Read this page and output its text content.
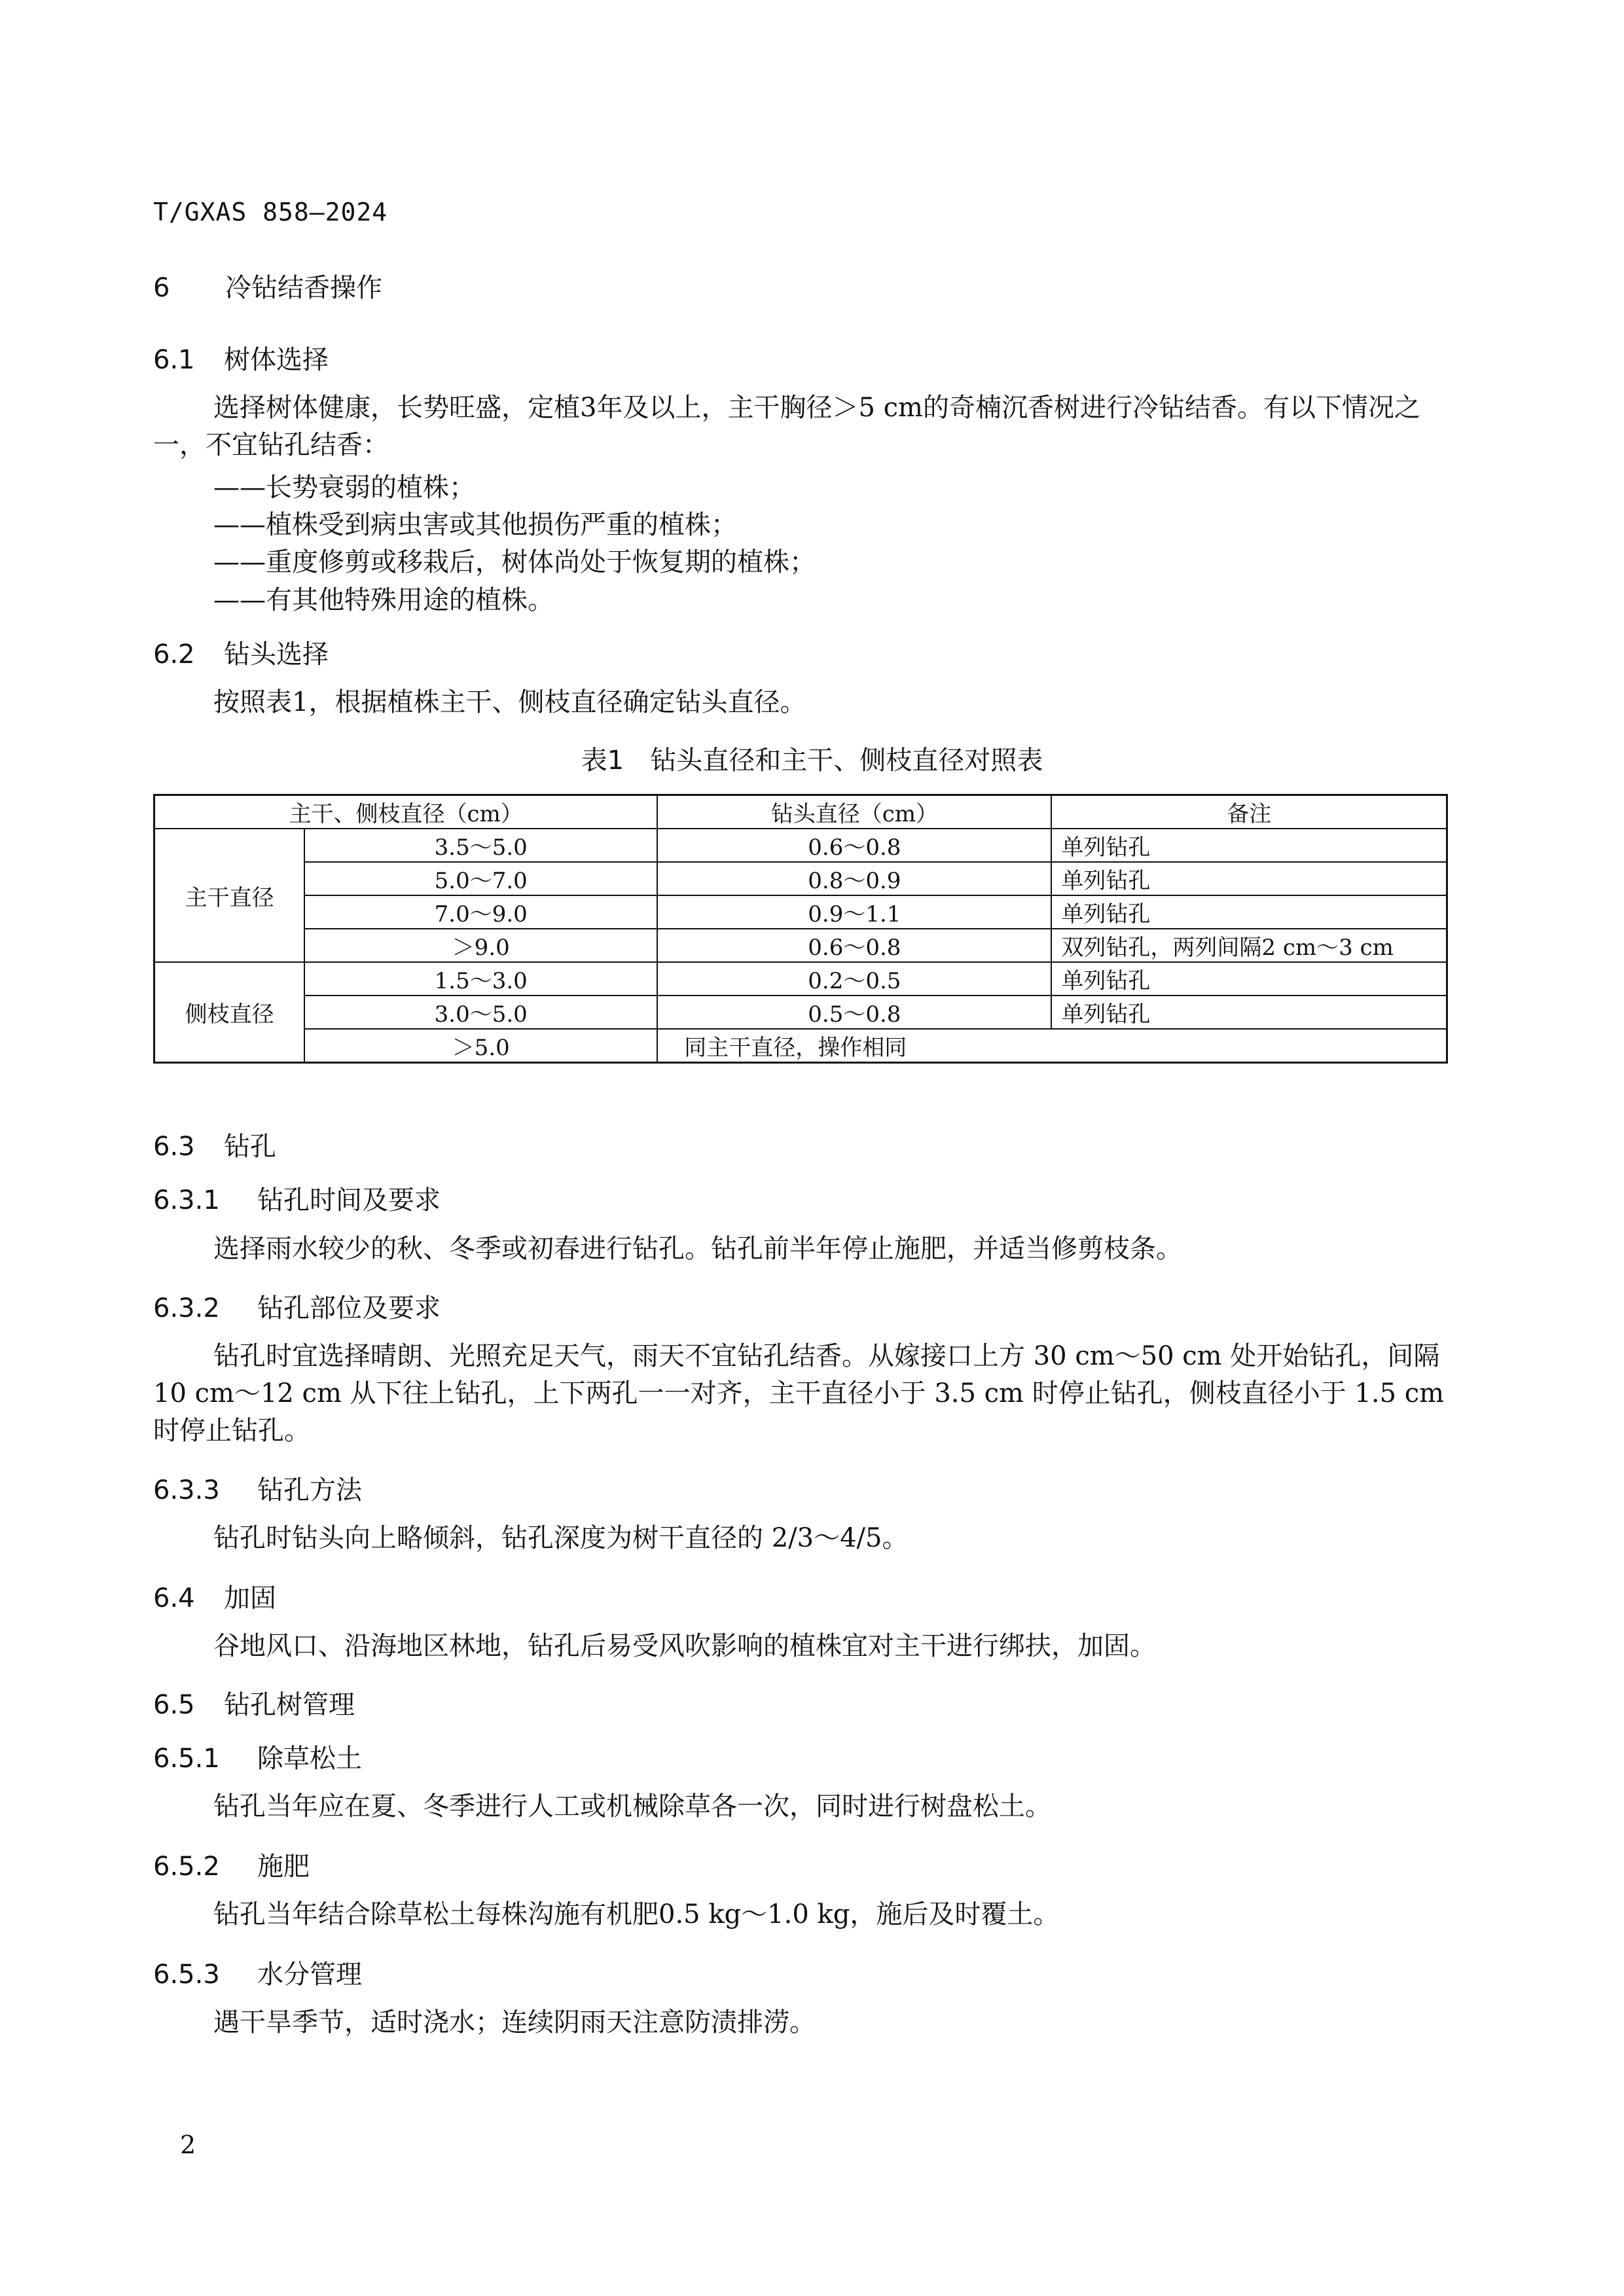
T/GXAS 858—2024
6 冷钻结香操作
6.1 树体选择
选择树体健康，长势旺盛，定植3年及以上，主干胸径＞5 cm的奇楠沉香树进行冷钻结香。有以下情况之一，不宜钻孔结香：
——长势衰弱的植株；
——植株受到病虫害或其他损伤严重的植株；
——重度修剪或移栽后，树体尚处于恢复期的植株；
——有其他特殊用途的植株。
6.2 钻头选择
按照表1，根据植株主干、侧枝直径确定钻头直径。
表1　钻头直径和主干、侧枝直径对照表
主干、侧枝直径（cm）		钻头直径（cm）	备注
主干直径	3.5～5.0	0.6～0.8	单列钻孔
	5.0～7.0	0.8～0.9	单列钻孔
	7.0～9.0	0.9～1.1	单列钻孔
	＞9.0	0.6～0.8	双列钻孔，两列间隔2 cm～3 cm
侧枝直径	1.5～3.0	0.2～0.5	单列钻孔
	3.0～5.0	0.5～0.8	单列钻孔
	＞5.0	同主干直径，操作相同	
6.3 钻孔
6.3.1 钻孔时间及要求
选择雨水较少的秋、冬季或初春进行钻孔。钻孔前半年停止施肥，并适当修剪枝条。
6.3.2 钻孔部位及要求
钻孔时宜选择晴朗、光照充足天气，雨天不宜钻孔结香。从嫁接口上方 30 cm～50 cm 处开始钻孔，间隔 10 cm～12 cm 从下往上钻孔，上下两孔一一对齐，主干直径小于 3.5 cm 时停止钻孔，侧枝直径小于 1.5 cm 时停止钻孔。
6.3.3 钻孔方法
钻孔时钻头向上略倾斜，钻孔深度为树干直径的 2/3～4/5。
6.4 加固
谷地风口、沿海地区林地，钻孔后易受风吹影响的植株宜对主干进行绑扶，加固。
6.5 钻孔树管理
6.5.1 除草松土
钻孔当年应在夏、冬季进行人工或机械除草各一次，同时进行树盘松土。
6.5.2 施肥
钻孔当年结合除草松土每株沟施有机肥0.5 kg～1.0 kg，施后及时覆土。
6.5.3 水分管理
遇干旱季节，适时浇水；连续阴雨天注意防渍排涝。
2
